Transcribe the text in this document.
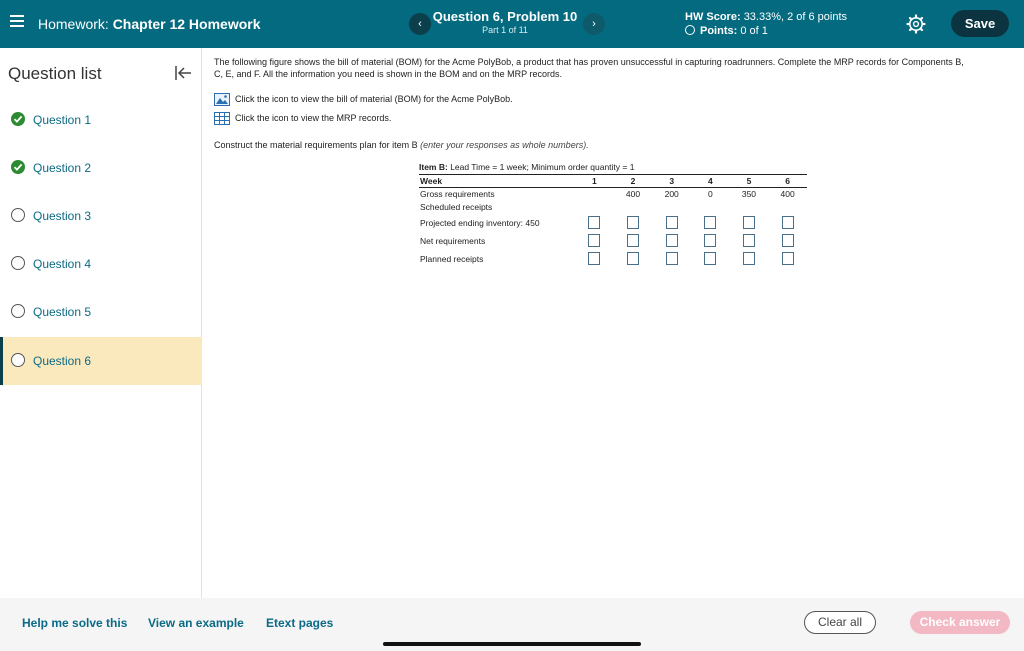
Homework: Chapter 12 Homework	‹ Question 6, Problem 10
Part 1 of 11	›
HW Score: 33.33%, 2 of 6 points
Points: 0 of 1	Save
Question list
Question 1
Question 2
Question 3
Question 4
Question 5
Question 6
The following figure shows the bill of material (BOM) for the Acme PolyBob, a product that has proven unsuccessful in capturing roadrunners. Complete the MRP records for Components B, C, E, and F. All the information you need is shown in the BOM and on the MRP records.
Click the icon to view the bill of material (BOM) for the Acme PolyBob.
Click the icon to view the MRP records.
Construct the material requirements plan for item B (enter your responses as whole numbers).
Item B: Lead Time = 1 week; Minimum order quantity = 1
Week	1	2	3	4	5	6
Gross requirements		400	200	0	350	400
Scheduled receipts						
Projected ending inventory: 450						
Net requirements						
Planned receipts						
Help me solve this View an example Etext pages	Clear all	Check answer
